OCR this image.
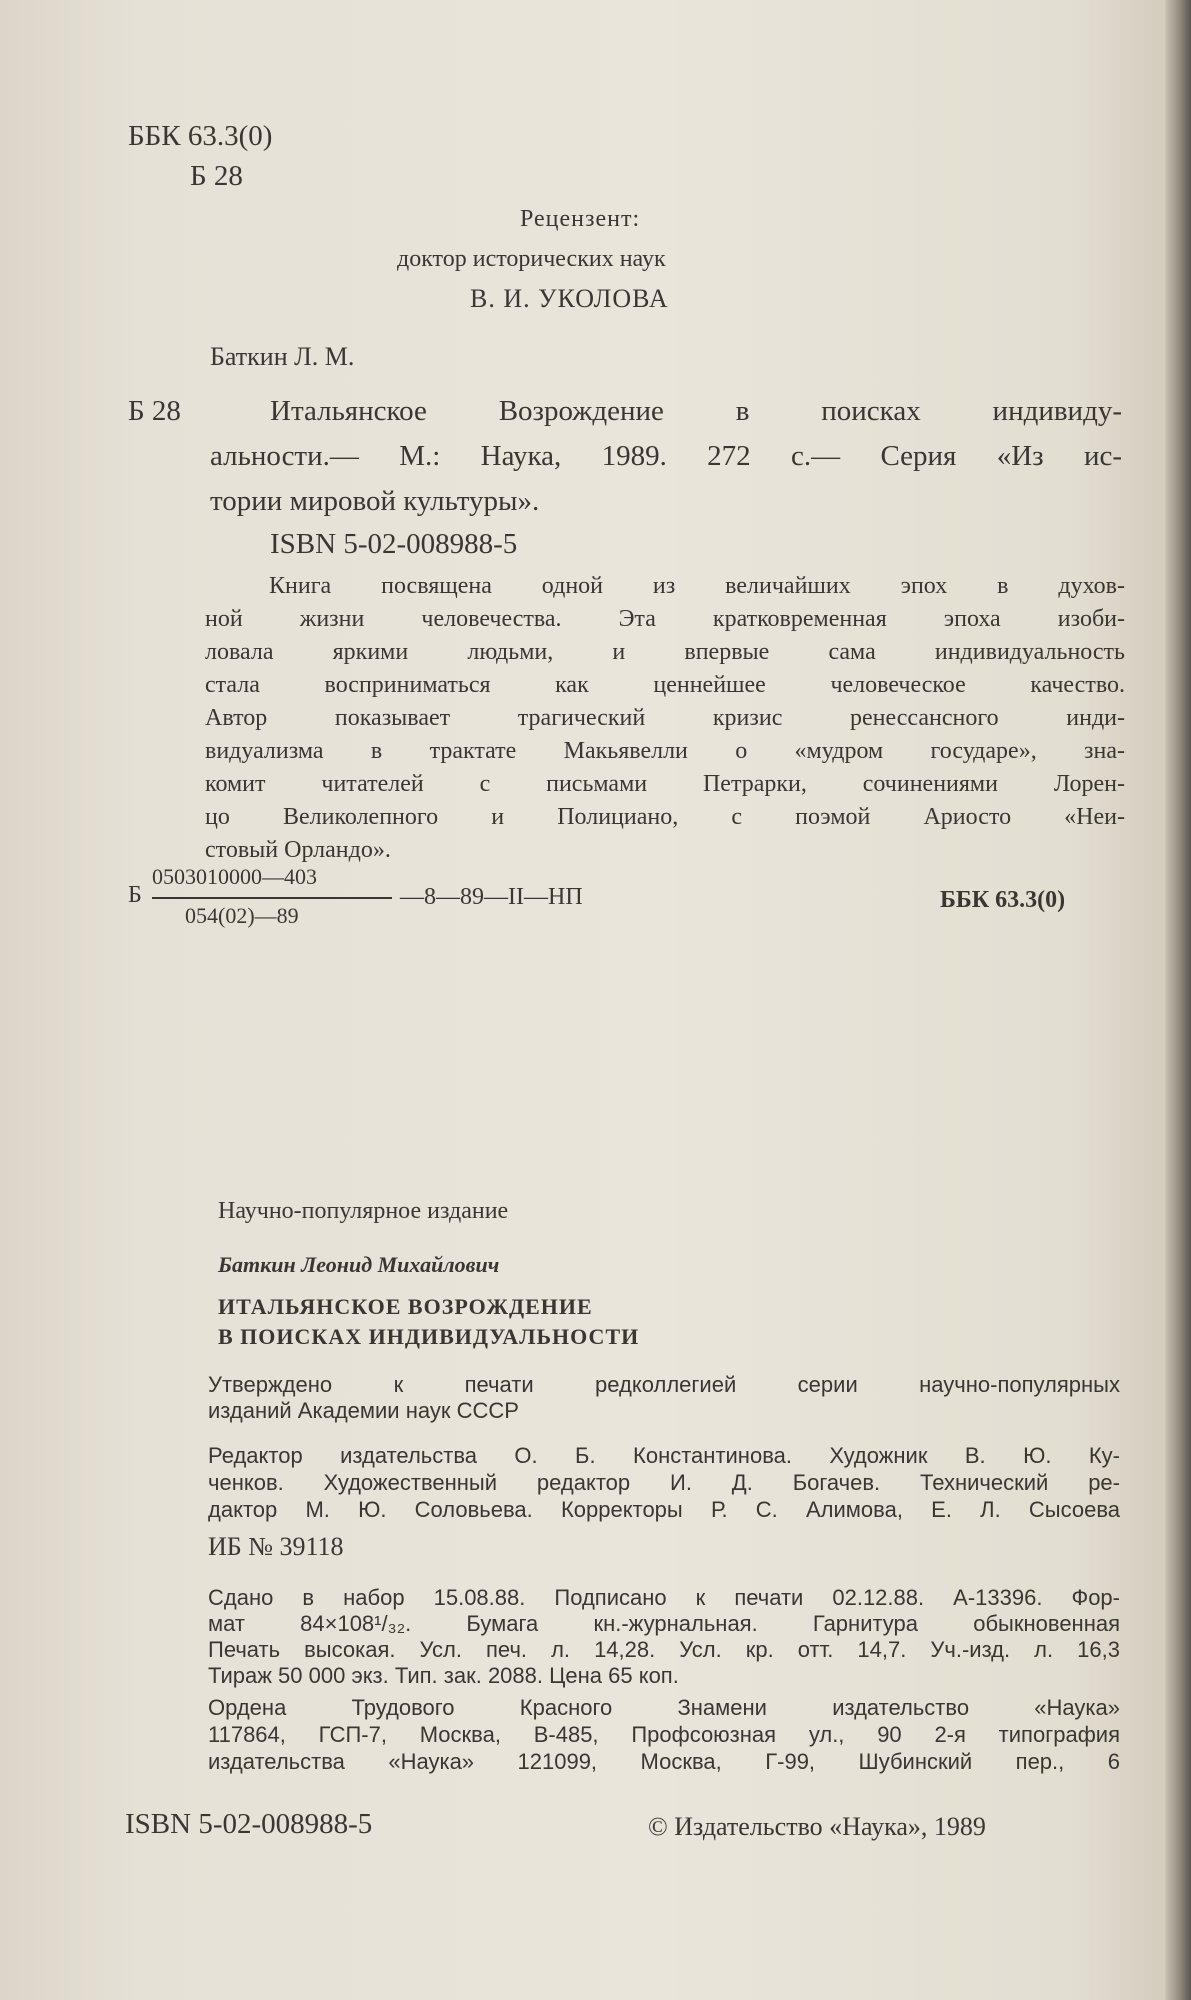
ББК 63.3(0)
Б 28
Рецензент:
доктор исторических наук
В. И. УКОЛОВА
Баткин Л. М.
Б 28	Итальянское Возрождение в поисках индивиду-
альности.— М.: Наука, 1989. 272 с.— Серия «Из ис-
тории мировой культуры».
ISBN 5-02-008988-5
Книга посвящена одной из величайших эпох в духов-
ной жизни человечества. Эта кратковременная эпоха изоби-
ловала яркими людьми, и впервые сама индивидуальность
стала восприниматься как ценнейшее человеческое качество.
Автор показывает трагический кризис ренессансного инди-
видуализма в трактате Макьявелли о «мудром государе», зна-
комит читателей с письмами Петрарки, сочинениями Лорен-
цо Великолепного и Полициано, с поэмой Ариосто «Неи-
стовый Орландо».
Б
0503010000—403
054(02)—89
—8—89—II—НП	ББК 63.3(0)
Научно-популярное издание
Баткин Леонид Михайлович
ИТАЛЬЯНСКОЕ ВОЗРОЖДЕНИЕ
В ПОИСКАХ ИНДИВИДУАЛЬНОСТИ
Утверждено к печати редколлегией серии научно-популярных
изданий Академии наук СССР
Редактор издательства О. Б. Константинова. Художник В. Ю. Ку-
ченков. Художественный редактор И. Д. Богачев. Технический ре-
дактор М. Ю. Соловьева. Корректоры Р. С. Алимова, Е. Л. Сысоева
ИБ № 39118
Сдано в набор 15.08.88. Подписано к печати 02.12.88. А-13396. Фор-
мат 84×108¹/₃₂. Бумага кн.-журнальная. Гарнитура обыкновенная
Печать высокая. Усл. печ. л. 14,28. Усл. кр. отт. 14,7. Уч.-изд. л. 16,3
Тираж 50 000 экз. Тип. зак. 2088. Цена 65 коп.
Ордена Трудового Красного Знамени издательство «Наука»
117864, ГСП-7, Москва, В-485, Профсоюзная ул., 90 2-я типография
издательства «Наука» 121099, Москва, Г-99, Шубинский пер., 6
ISBN 5-02-008988-5	© Издательство «Наука», 1989
